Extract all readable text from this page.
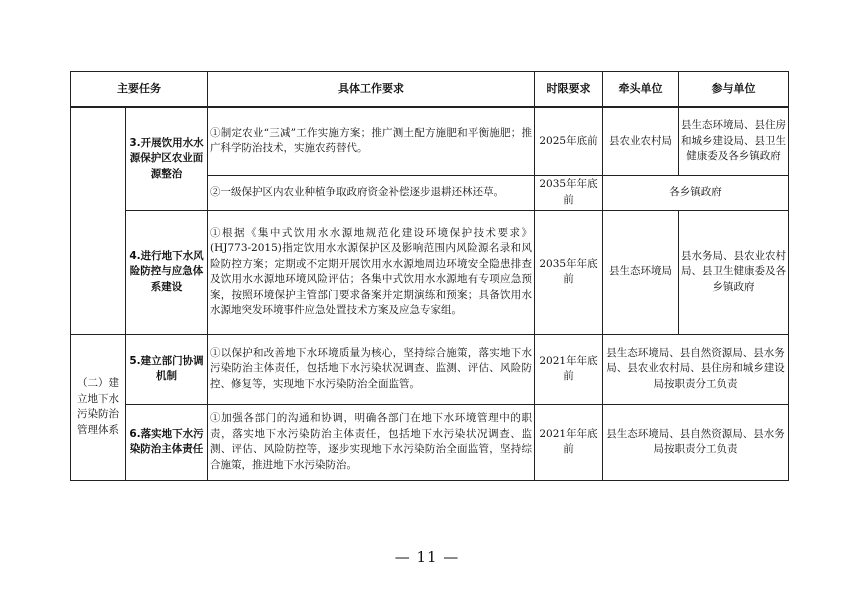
主要任务		具体工作要求	时限要求	牵头单位	参与单位
	3.开展饮用水水源保护区农业面源整治	①制定农业“三减”工作实施方案；推广测土配方施肥和平衡施肥；推广科学防治技术，实施农药替代。	2025年底前	县农业农村局	县生态环境局、县住房和城乡建设局、县卫生健康委及各乡镇政府
		②一级保护区内农业种植争取政府资金补偿逐步退耕还林还草。	2035年年底前	各乡镇政府	
	4.进行地下水风险防控与应急体系建设	①根据《集中式饮用水水源地规范化建设环境保护技术要求》(HJ773-2015)指定饮用水水源保护区及影响范围内风险源名录和风险防控方案；定期或不定期开展饮用水水源地周边环境安全隐患排查及饮用水水源地环境风险评估；各集中式饮用水水源地有专项应急预案，按照环境保护主管部门要求备案并定期演练和预案；具备饮用水水源地突发环境事件应急处置技术方案及应急专家组。	2035年年底前	县生态环境局	县水务局、县农业农村局、县卫生健康委及各乡镇政府
（二）建立地下水污染防治管理体系	5.建立部门协调机制	①以保护和改善地下水环境质量为核心，坚持综合施策，落实地下水污染防治主体责任，包括地下水污染状况调查、监测、评估、风险防控、修复等，实现地下水污染防治全面监管。	2021年年底前	县生态环境局、县自然资源局、县水务局、县农业农村局、县住房和城乡建设局按职责分工负责	
	6.落实地下水污染防治主体责任	①加强各部门的沟通和协调，明确各部门在地下水环境管理中的职责，落实地下水污染防治主体责任，包括地下水污染状况调查、监测、评估、风险防控等，逐步实现地下水污染防治全面监管，坚持综合施策，推进地下水污染防治。	2021年年底前	县生态环境局、县自然资源局、县水务局按职责分工负责	
— 11 —
